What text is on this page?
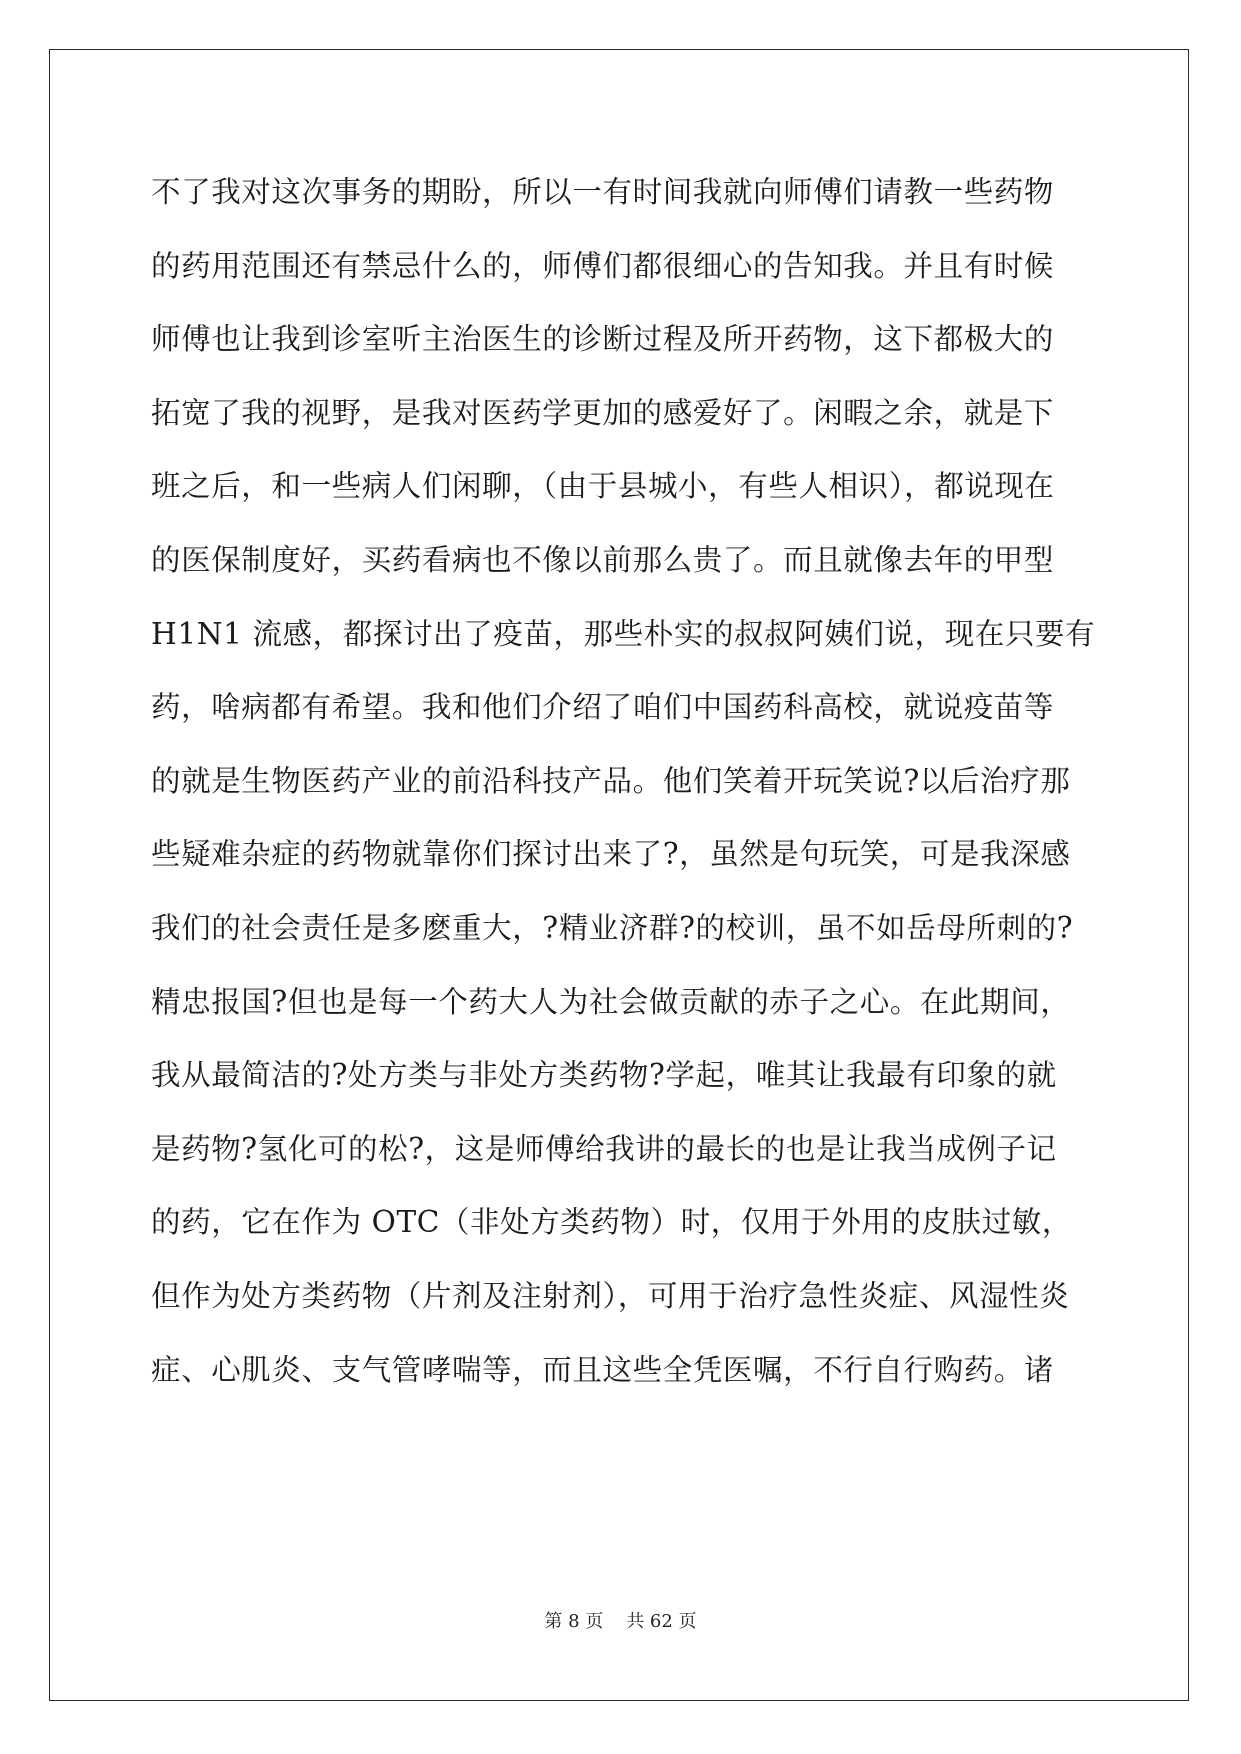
不了我对这次事务的期盼，所以一有时间我就向师傅们请教一些药物
的药用范围还有禁忌什么的，师傅们都很细心的告知我。并且有时候
师傅也让我到诊室听主治医生的诊断过程及所开药物，这下都极大的
拓宽了我的视野，是我对医药学更加的感爱好了。闲暇之余，就是下
班之后，和一些病人们闲聊，（由于县城小，有些人相识），都说现在
的医保制度好，买药看病也不像以前那么贵了。而且就像去年的甲型
H1N1 流感，都探讨出了疫苗，那些朴实的叔叔阿姨们说，现在只要有
药，啥病都有希望。我和他们介绍了咱们中国药科高校，就说疫苗等
的就是生物医药产业的前沿科技产品。他们笑着开玩笑说?以后治疗那
些疑难杂症的药物就靠你们探讨出来了?，虽然是句玩笑，可是我深感
我们的社会责任是多麽重大，?精业济群?的校训，虽不如岳母所刺的?
精忠报国?但也是每一个药大人为社会做贡献的赤子之心。在此期间，
我从最简洁的?处方类与非处方类药物?学起，唯其让我最有印象的就
是药物?氢化可的松?，这是师傅给我讲的最长的也是让我当成例子记
的药，它在作为 OTC（非处方类药物）时，仅用于外用的皮肤过敏，
但作为处方类药物（片剂及注射剂），可用于治疗急性炎症、风湿性炎
症、心肌炎、支气管哮喘等，而且这些全凭医嘱，不行自行购药。诸
第 8 页    共 62 页
